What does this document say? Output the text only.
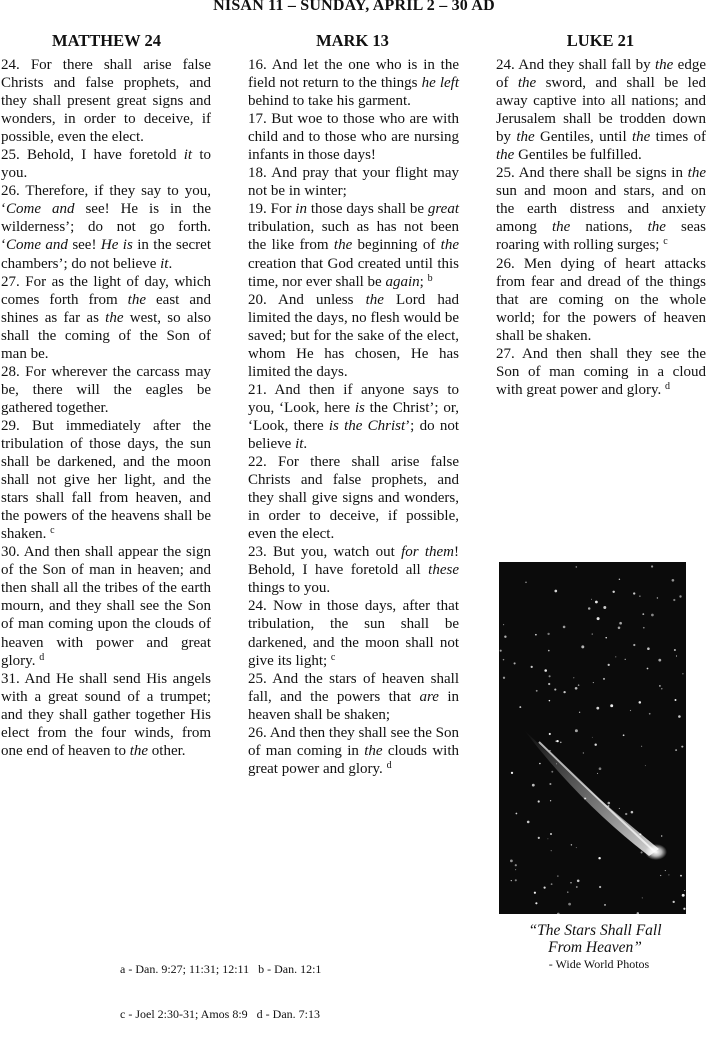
NISAN 11 – SUNDAY, APRIL 2 – 30 AD
MATTHEW 24	MARK 13	LUKE 21

24. For there shall arise false Christs and false prophets, and they shall present great signs and wonders, in order to deceive, if possible, even the elect.

25. Behold, I have foretold it to you.

26. Therefore, if they say to you, ‘Come and see! He is in the wilderness’; do not go forth. ‘Come and see! He is in the secret chambers’; do not believe it.

27. For as the light of day, which comes forth from the east and shines as far as the west, so also shall the coming of the Son of man be.

28. For wherever the carcass may be, there will the eagles be gathered together.

29. But immediately after the tribulation of those days, the sun shall be darkened, and the moon shall not give her light, and the stars shall fall from heaven, and the powers of the heavens shall be shaken. $^c$

30. And then shall appear the sign of the Son of man in heaven; and then shall all the tribes of the earth mourn, and they shall see the Son of man coming upon the clouds of heaven with power and great glory. $^d$

31. And He shall send His angels with a great sound of a trumpet; and they shall gather together His elect from the four winds, from one end of heaven to the other.

16. And let the one who is in the field not return to the things he left behind to take his garment.

17. But woe to those who are with child and to those who are nursing infants in those days!

18. And pray that your flight may not be in winter;

19. For in those days shall be great tribulation, such as has not been the like from the beginning of the creation that God created until this time, nor ever shall be again; $^b$

20. And unless the Lord had limited the days, no flesh would be saved; but for the sake of the elect, whom He has chosen, He has limited the days.

21. And then if anyone says to you, ‘Look, here is the Christ’; or, ‘Look, there is the Christ’; do not believe it.

22. For there shall arise false Christs and false prophets, and they shall give signs and wonders, in order to deceive, if possible, even the elect.

23. But you, watch out for them! Behold, I have foretold all these things to you.

24. Now in those days, after that tribulation, the sun shall be darkened, and the moon shall not give its light; $^c$

25. And the stars of heaven shall fall, and the powers that are in heaven shall be shaken;

26. And then they shall see the Son of man coming in the clouds with great power and glory. $^d$

24. And they shall fall by the edge of the sword, and shall be led away captive into all nations; and Jerusalem shall be trodden down by the Gentiles, until the times of the Gentiles be fulfilled.

25. And there shall be signs in the sun and moon and stars, and on the earth distress and anxiety among the nations, the seas roaring with rolling surges; $^c$

26. Men dying of heart attacks from fear and dread of the things that are coming on the whole world; for the powers of heaven shall be shaken.

27. And then shall they see the Son of man coming in a cloud with great power and glory. $^d$

“The Stars Shall Fall
From Heaven”
- Wide World Photos

a - Dan. 9:27; 11:31; 12:11   b - Dan. 12:1

c - Joel 2:30-31; Amos 8:9   d - Dan. 7:13
